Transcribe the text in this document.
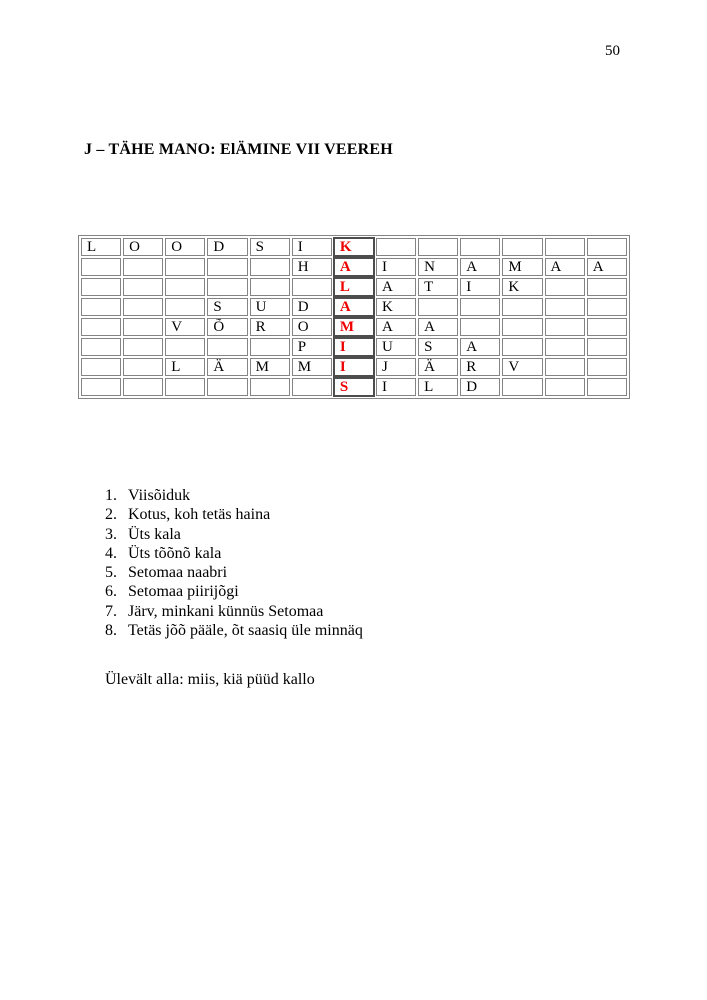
50
J – TÄHE MANO: ElÄMINE VII VEEREH
L	O	O	D	S	I	K						
					H	A	I	N	A	M	A	A
						L	A	T	I	K		
			S	U	D	A	K					
		V	Õ	R	O	M	A	A				
					P	I	U	S	A			
		L	Ä	M	M	I	J	Ä	R	V		
						S	I	L	D			
1. Viisõiduk
2. Kotus, koh tetäs haina
3. Üts kala
4. Üts tõõnõ kala
5. Setomaa naabri
6. Setomaa piirijõgi
7. Järv, minkani künnüs Setomaa
8. Tetäs jõõ pääle, õt saasiq üle minnäq
Ülevält alla: miis, kiä püüd kallo
